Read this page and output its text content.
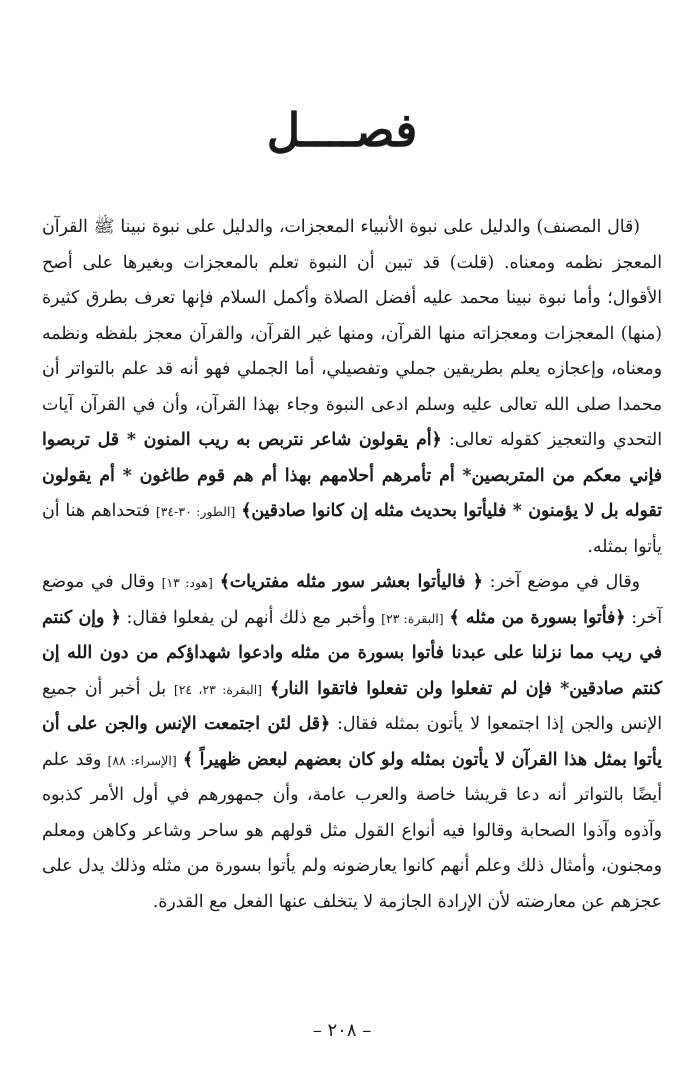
فصــــل

(قال المصنف) والدليل على نبوة الأنبياء المعجزات، والدليل على نبوة نبينا ﷺ القرآن المعجز نظمه ومعناه. (قلت) قد تبين أن النبوة تعلم بالمعجزات وبغيرها على أصح الأقوال؛ وأما نبوة نبينا محمد عليه أفضل الصلاة وأكمل السلام فإنها تعرف بطرق كثيرة (منها) المعجزات ومعجزاته منها القرآن، ومنها غير القرآن، والقرآن معجز بلفظه ونظمه ومعناه، وإعجازه يعلم بطريقين جملي وتفصيلي، أما الجملي فهو أنه قد علم بالتواتر أن محمدا صلى الله تعالى عليه وسلم ادعى النبوة وجاء بهذا القرآن، وأن في القرآن آيات التحدي والتعجيز كقوله تعالى: ﴿أم يقولون شاعر نتربص به ريب المنون * قل تربصوا فإني معكم من المتربصين* أم تأمرهم أحلامهم بهذا أم هم قوم طاغون * أم يقولون تقوله بل لا يؤمنون * فليأتوا بحديث مثله إن كانوا صادقين﴾ [الطور: ٣٠-٣٤] فتحداهم هنا أن يأتوا بمثله.

وقال في موضع آخر: ﴿ فاليأتوا بعشر سور مثله مفتريات﴾ [هود: ١٣] وقال في موضع آخر: ﴿فأتوا بسورة من مثله ﴾ [البقرة: ٢٣] وأخبر مع ذلك أنهم لن يفعلوا فقال: ﴿ وإن كنتم في ريب مما نزلنا على عبدنا فأتوا بسورة من مثله وادعوا شهداؤكم من دون الله إن كنتم صادقين* فإن لم تفعلوا ولن تفعلوا فاتقوا النار﴾ [البقرة: ٢٣، ٢٤] بل أخبر أن جميع الإنس والجن إذا اجتمعوا لا يأتون بمثله فقال: ﴿قل لئن اجتمعت الإنس والجن على أن يأتوا بمثل هذا القرآن لا يأتون بمثله ولو كان بعضهم لبعض ظهيراً ﴾ [الإسراء: ٨٨] وقد علم أيضًا بالتواتر أنه دعا قريشا خاصة والعرب عامة، وأن جمهورهم في أول الأمر كذبوه وآذوه وآذوا الصحابة وقالوا فيه أنواع القول مثل قولهم هو ساحر وشاعر وكاهن ومعلم ومجنون، وأمثال ذلك وعلم أنهم كانوا يعارضونه ولم يأتوا بسورة من مثله وذلك يدل على عجزهم عن معارضته لأن الإرادة الجازمة لا يتخلف عنها الفعل مع القدرة.

– ٢٠٨ –
